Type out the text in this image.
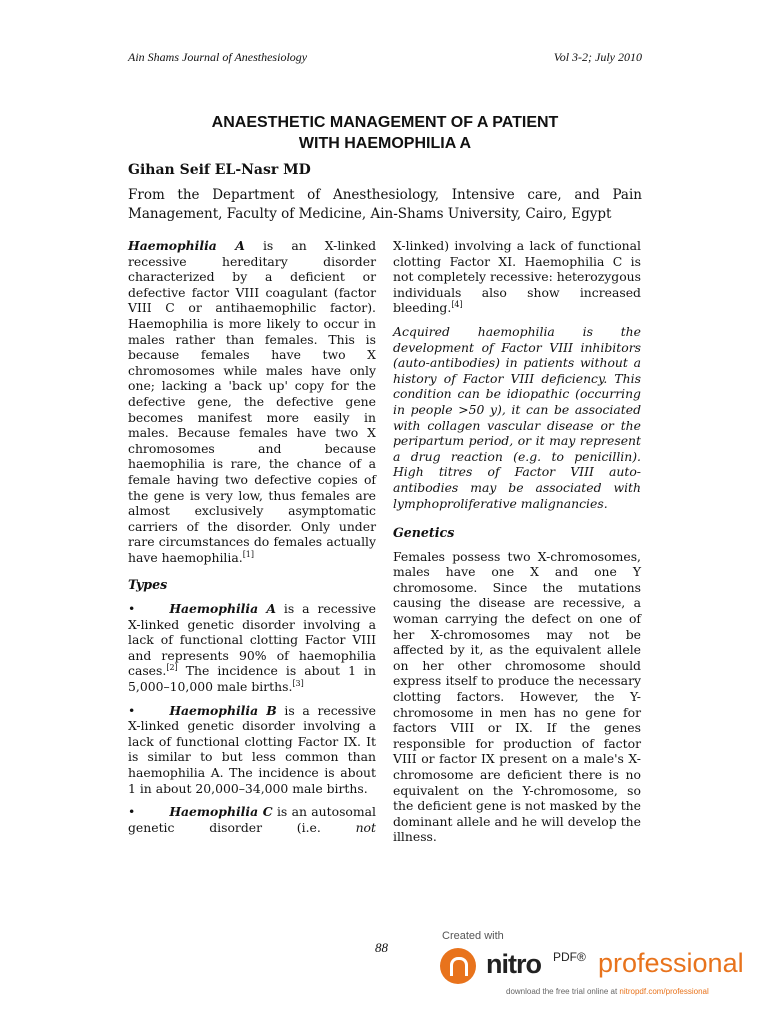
Ain Shams Journal of Anesthesiology	Vol 3-2; July 2010
ANAESTHETIC MANAGEMENT OF A PATIENT
WITH HAEMOPHILIA A
Gihan Seif EL-Nasr MD
From the Department of Anesthesiology, Intensive care, and Pain Management, Faculty of Medicine, Ain-Shams University, Cairo, Egypt

Haemophilia A is an X-linked recessive hereditary disorder characterized by a deficient or defective factor VIII coagulant (factor VIII C or antihaemophilic factor). Haemophilia is more likely to occur in males rather than females. This is because females have two X chromosomes while males have only one; lacking a 'back up' copy for the defective gene, the defective gene becomes manifest more easily in males. Because females have two X chromosomes and because haemophilia is rare, the chance of a female having two defective copies of the gene is very low, thus females are almost exclusively asymptomatic carriers of the disorder. Only under rare circumstances do females actually have haemophilia.[1]

Types

•	Haemophilia A is a recessive X-linked genetic disorder involving a lack of functional clotting Factor VIII and represents 90% of haemophilia cases.[2] The incidence is about 1 in 5,000–10,000 male births.[3]

•	Haemophilia B is a recessive X-linked genetic disorder involving a lack of functional clotting Factor IX. It is similar to but less common than haemophilia A. The incidence is about 1 in about 20,000–34,000 male births.

•	Haemophilia C is an autosomal genetic disorder (i.e. not

X-linked) involving a lack of functional clotting Factor XI. Haemophilia C is not completely recessive: heterozygous individuals also show increased bleeding.[4]

Acquired haemophilia is the development of Factor VIII inhibitors (auto-antibodies) in patients without a history of Factor VIII deficiency. This condition can be idiopathic (occurring in people >50 y), it can be associated with collagen vascular disease or the peripartum period, or it may represent a drug reaction (e.g. to penicillin). High titres of Factor VIII auto-antibodies may be associated with lymphoproliferative malignancies.

Genetics

Females possess two X-chromosomes, males have one X and one Y chromosome. Since the mutations causing the disease are recessive, a woman carrying the defect on one of her X-chromosomes may not be affected by it, as the equivalent allele on her other chromosome should express itself to produce the necessary clotting factors. However, the Y-chromosome in men has no gene for factors VIII or IX. If the genes responsible for production of factor VIII or factor IX present on a male's X-chromosome are deficient there is no equivalent on the Y-chromosome, so the deficient gene is not masked by the dominant allele and he will develop the illness.

88
Created with
nitro PDF® professional
download the free trial online at nitropdf.com/professional
